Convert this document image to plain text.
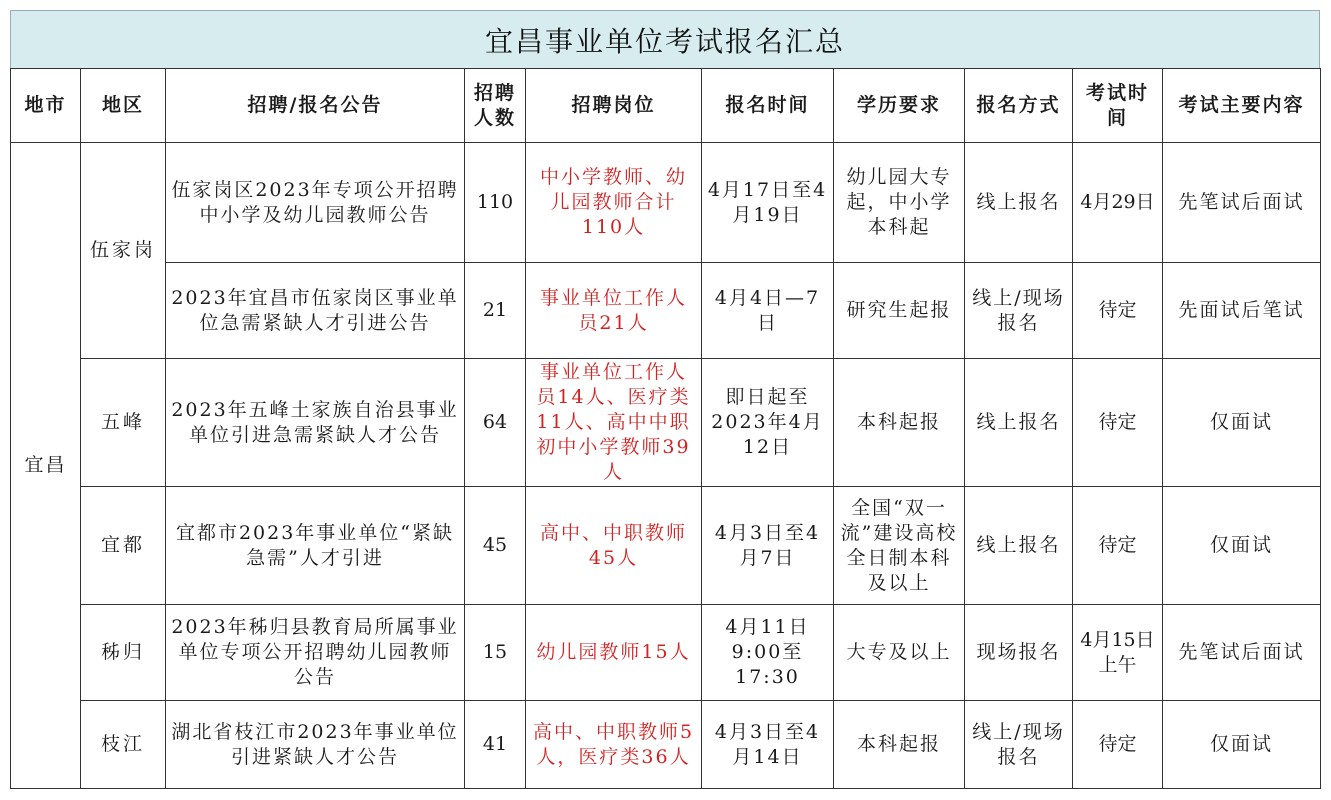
宜昌事业单位考试报名汇总
地市	地区	招聘/报名公告	招聘人数	招聘岗位	报名时间	学历要求	报名方式	考试时间	考试主要内容
宜昌	伍家岗	伍家岗区2023年专项公开招聘中小学及幼儿园教师公告	110	中小学教师、幼儿园教师合计110人	4月17日至4月19日	幼儿园大专起，中小学本科起	线上报名	4月29日	先笔试后面试
		2023年宜昌市伍家岗区事业单位急需紧缺人才引进公告	21	事业单位工作人员21人	4月4日—7日	研究生起报	线上/现场报名	待定	先面试后笔试
	五峰	2023年五峰土家族自治县事业单位引进急需紧缺人才公告	64	事业单位工作人员14人、医疗类11人、高中中职初中小学教师39人	即日起至2023年4月12日	本科起报	线上报名	待定	仅面试
	宜都	宜都市2023年事业单位“紧缺急需”人才引进	45	高中、中职教师45人	4月3日至4月7日	全国“双一流”建设高校全日制本科及以上	线上报名	待定	仅面试
	秭归	2023年秭归县教育局所属事业单位专项公开招聘幼儿园教师公告	15	幼儿园教师15人	4月11日9:00至17:30	大专及以上	现场报名	4月15日上午	先笔试后面试
	枝江	湖北省枝江市2023年事业单位引进紧缺人才公告	41	高中、中职教师5人，医疗类36人	4月3日至4月14日	本科起报	线上/现场报名	待定	仅面试
